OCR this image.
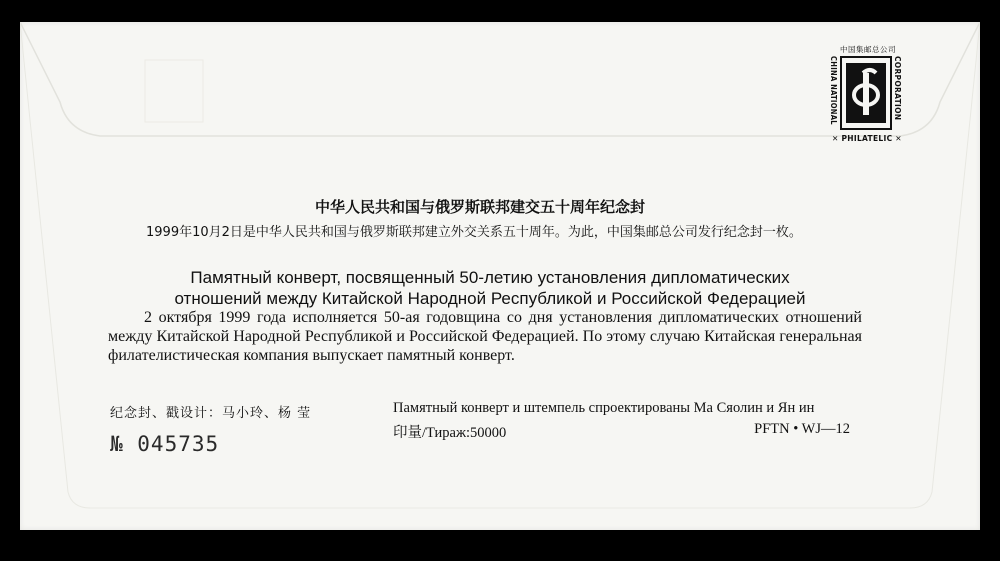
中国集邮总公司
CHINA NATIONAL	CORPORATION
✕ PHILATELIC ✕
中华人民共和国与俄罗斯联邦建交五十周年纪念封
1999年10月2日是中华人民共和国与俄罗斯联邦建立外交关系五十周年。为此，中国集邮总公司发行纪念封一枚。
Памятный конверт, посвященный 50-летию установления дипломатических
отношений между Китайской Народной Республикой и Российской Федерацией
2 октября 1999 года исполняется 50-ая годовщина со дня установления дипломатических отношений между Китайской Народной Республикой и Российской Федерацией. По этому случаю Китайская генеральная филателистическая компания выпускает памятный конверт.
纪念封、戳设计：马小玲、杨 莹	Памятный конверт и штемпель спроектированы Ма Сяолин и Ян ин
印量/Тираж:50000	PFTN • WJ—12
№ 045735
